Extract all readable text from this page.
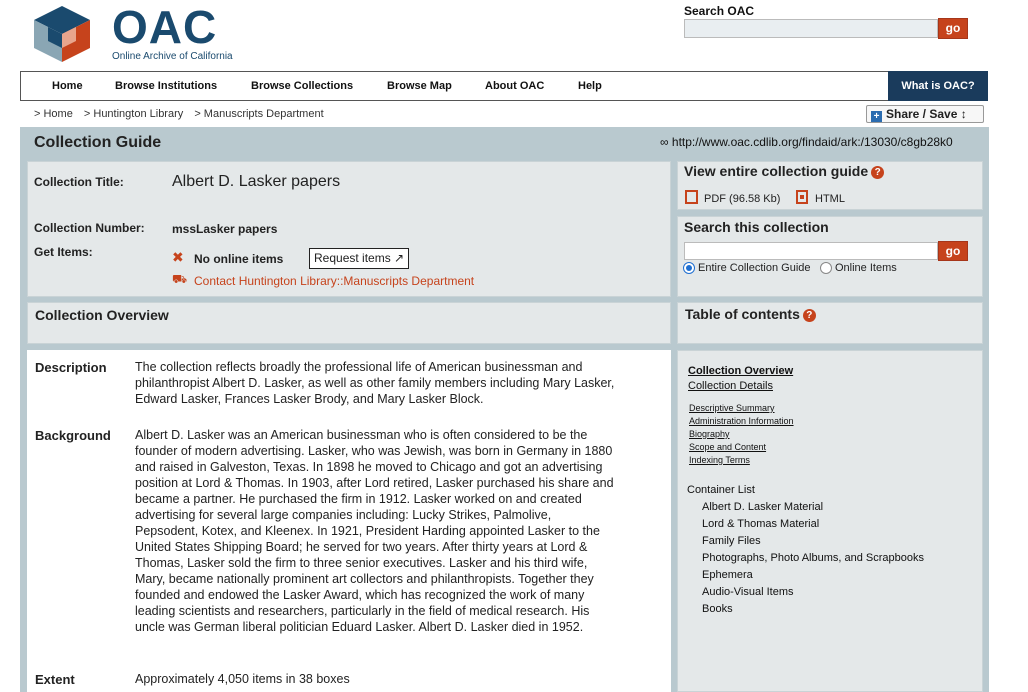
OAC
Online Archive of California
Search OAC
go
Home	Browse Institutions	Browse Collections	Browse Map	About OAC	Help	What is OAC?
> Home > Huntington Library > Manuscripts Department	+ Share / Save ↕
Collection Guide	∞ http://www.oac.cdlib.org/findaid/ark:/13030/c8gb28k0
Collection Title:	Albert D. Lasker papers
Collection Number: mssLasker papers
Get Items:	✖ No online items	Request items ↗
⛟ Contact Huntington Library::Manuscripts Department
View entire collection guide ?
PDF (96.58 Kb)	HTML
Search this collection
go
Entire Collection Guide Online Items
Collection Overview	Table of contents ?
Description The collection reflects broadly the professional life of American businessman and philanthropist Albert D. Lasker, as well as other family members including Mary Lasker, Edward Lasker, Frances Lasker Brody, and Mary Lasker Block.
Background Albert D. Lasker was an American businessman who is often considered to be the founder of modern advertising. Lasker, who was Jewish, was born in Germany in 1880 and raised in Galveston, Texas. In 1898 he moved to Chicago and got an advertising position at Lord & Thomas. In 1903, after Lord retired, Lasker purchased his share and became a partner. He purchased the firm in 1912. Lasker worked on and created advertising for several large companies including: Lucky Strikes, Palmolive, Pepsodent, Kotex, and Kleenex. In 1921, President Harding appointed Lasker to the United States Shipping Board; he served for two years. After thirty years at Lord & Thomas, Lasker sold the firm to three senior executives. Lasker and his third wife, Mary, became nationally prominent art collectors and philanthropists. Together they founded and endowed the Lasker Award, which has recognized the work of many leading scientists and researchers, particularly in the field of medical research. His uncle was German liberal politician Eduard Lasker. Albert D. Lasker died in 1952.
Extent	Approximately 4,050 items in 38 boxes
Collection Overview
Collection Details
Descriptive Summary
Administration Information
Biography
Scope and Content
Indexing Terms
Container List
Albert D. Lasker Material
Lord & Thomas Material
Family Files
Photographs, Photo Albums, and Scrapbooks
Ephemera
Audio-Visual Items
Books
